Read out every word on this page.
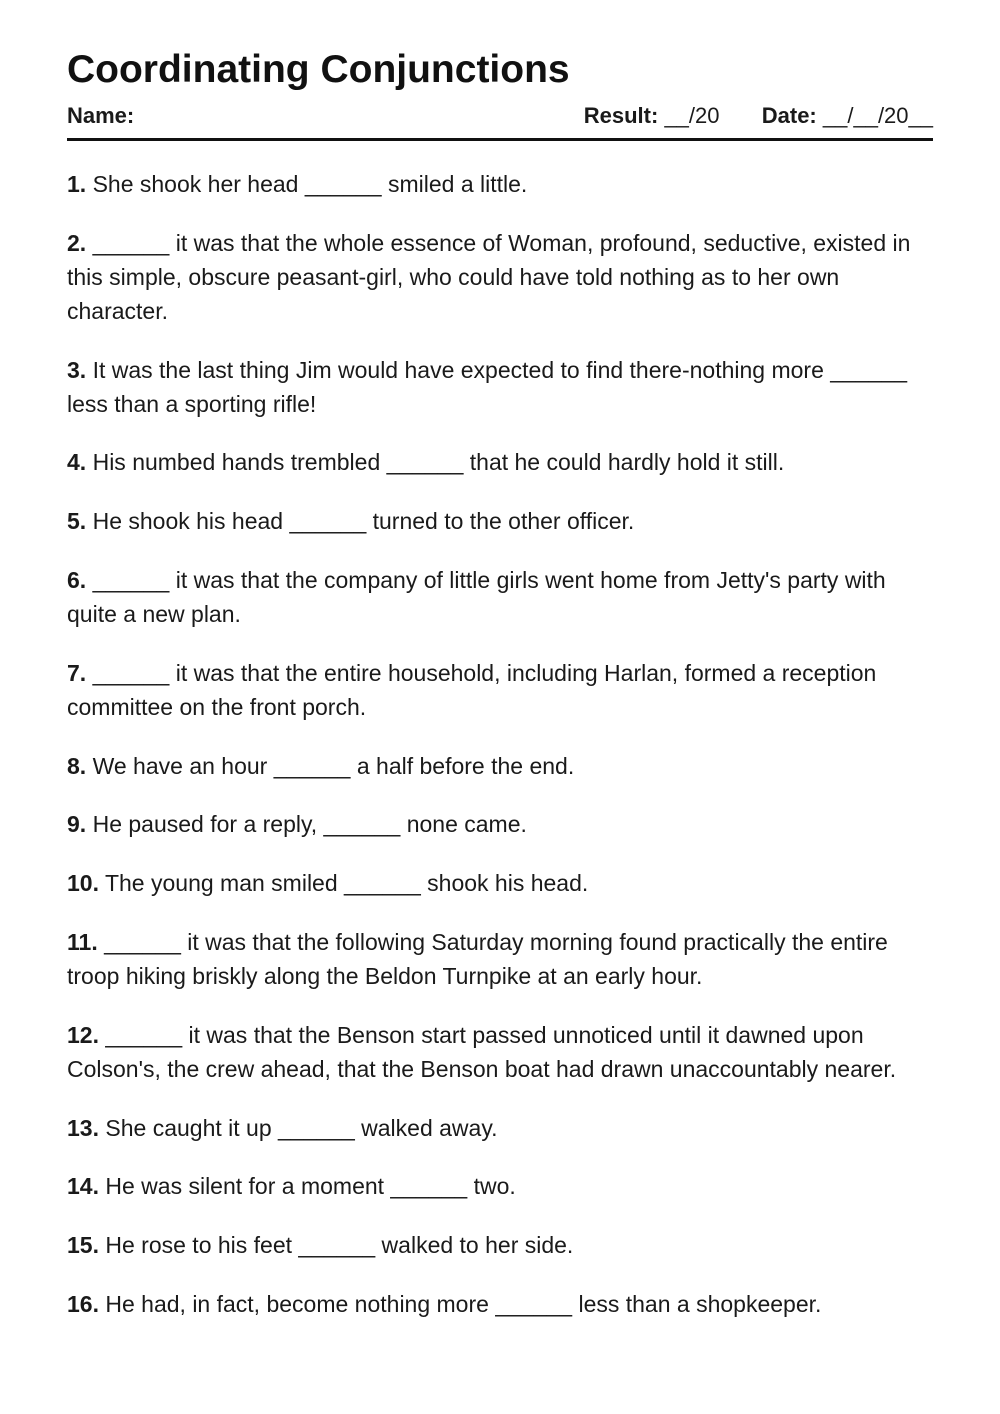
Coordinating Conjunctions
Name:	Result: __/20 Date: __/__/20__

1. She shook her head ______ smiled a little.

2. ______ it was that the whole essence of Woman, profound, seductive, existed in this simple, obscure peasant-girl, who could have told nothing as to her own character.

3. It was the last thing Jim would have expected to find there-nothing more ______ less than a sporting rifle!

4. His numbed hands trembled ______ that he could hardly hold it still.

5. He shook his head ______ turned to the other officer.

6. ______ it was that the company of little girls went home from Jetty's party with quite a new plan.

7. ______ it was that the entire household, including Harlan, formed a reception committee on the front porch.

8. We have an hour ______ a half before the end.

9. He paused for a reply, ______ none came.

10. The young man smiled ______ shook his head.

11. ______ it was that the following Saturday morning found practically the entire troop hiking briskly along the Beldon Turnpike at an early hour.

12. ______ it was that the Benson start passed unnoticed until it dawned upon Colson's, the crew ahead, that the Benson boat had drawn unaccountably nearer.

13. She caught it up ______ walked away.

14. He was silent for a moment ______ two.

15. He rose to his feet ______ walked to her side.

16. He had, in fact, become nothing more ______ less than a shopkeeper.
